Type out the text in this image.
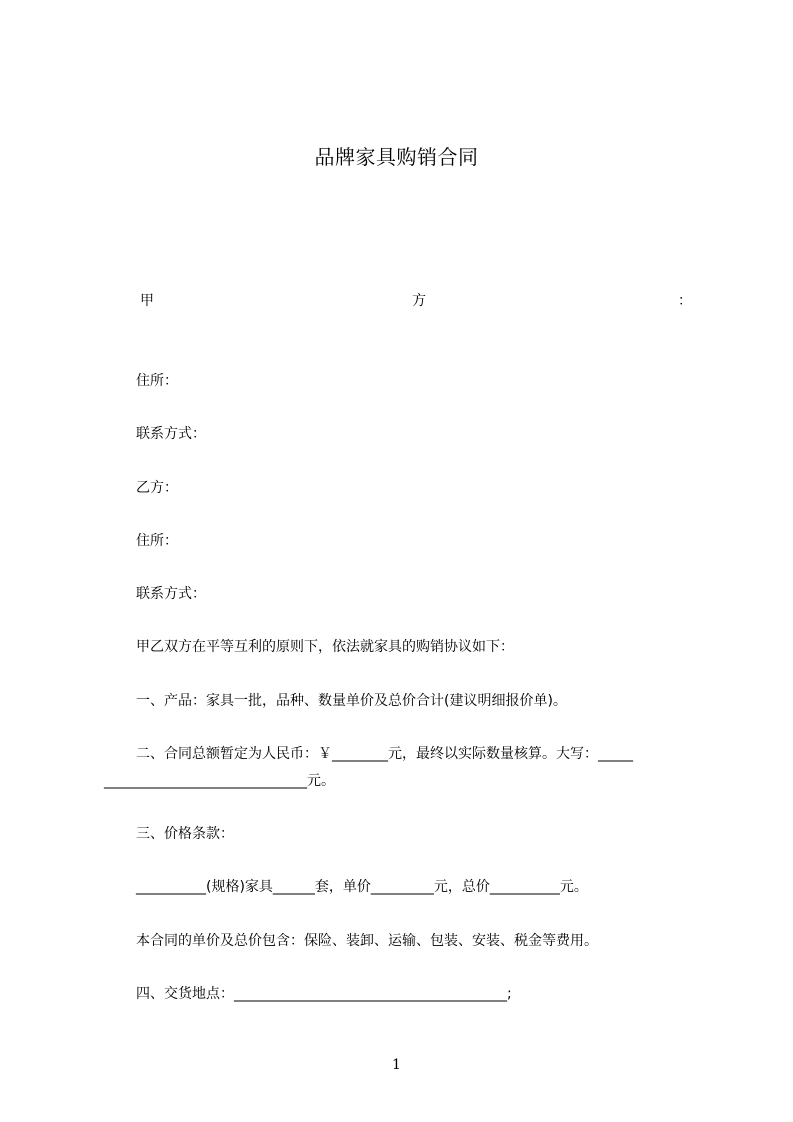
品牌家具购销合同
甲	方	：
住所：
联系方式：
乙方：
住所：
联系方式：
甲乙双方在平等互利的原则下，依法就家具的购销协议如下：
一、产品：家具一批，品种、数量单价及总价合计(建议明细报价单)。
二、合同总额暂定为人民币：￥________元，最终以实际数量核算。大写：_____
_____________________________元。
三、价格条款：
__________(规格)家具______套，单价_________元，总价__________元。
本合同的单价及总价包含：保险、装卸、运输、包装、安装、税金等费用。
四、交货地点：_______________________________________;
1
